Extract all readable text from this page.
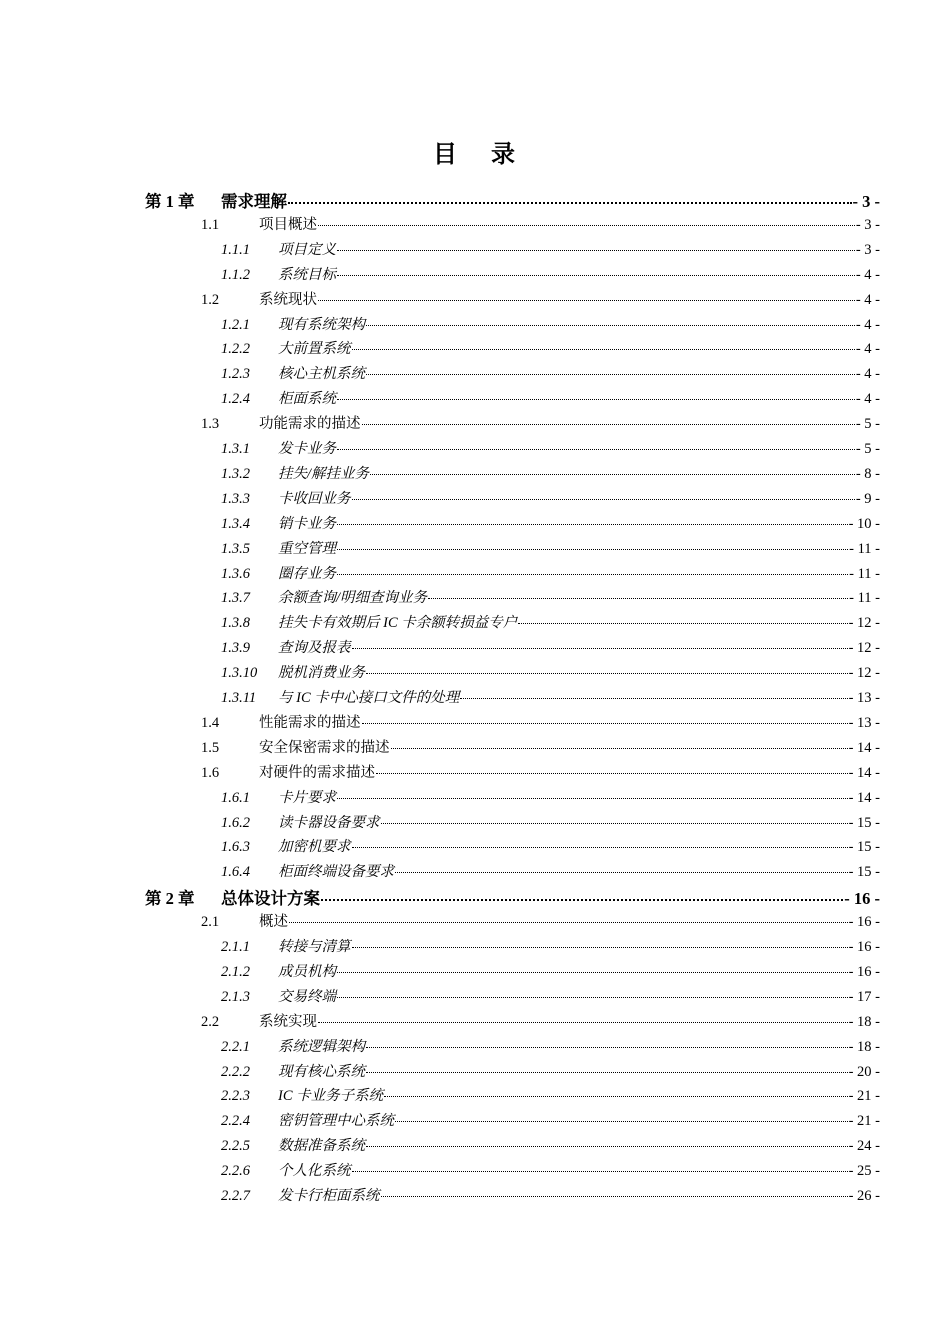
目 录
第 1 章	需求理解	- 3 -
1.1	项目概述	- 3 -
1.1.1	项目定义	- 3 -
1.1.2	系统目标	- 4 -
1.2	系统现状	- 4 -
1.2.1	现有系统架构	- 4 -
1.2.2	大前置系统	- 4 -
1.2.3	核心主机系统	- 4 -
1.2.4	柜面系统	- 4 -
1.3	功能需求的描述	- 5 -
1.3.1	发卡业务	- 5 -
1.3.2	挂失/解挂业务	- 8 -
1.3.3	卡收回业务	- 9 -
1.3.4	销卡业务	- 10 -
1.3.5	重空管理	- 11 -
1.3.6	圈存业务	- 11 -
1.3.7	余额查询/明细查询业务	- 11 -
1.3.8	挂失卡有效期后 IC 卡余额转损益专户	- 12 -
1.3.9	查询及报表	- 12 -
1.3.10	脱机消费业务	- 12 -
1.3.11	与 IC 卡中心接口文件的处理	- 13 -
1.4	性能需求的描述	- 13 -
1.5	安全保密需求的描述	- 14 -
1.6	对硬件的需求描述	- 14 -
1.6.1	卡片要求	- 14 -
1.6.2	读卡器设备要求	- 15 -
1.6.3	加密机要求	- 15 -
1.6.4	柜面终端设备要求	- 15 -
第 2 章	总体设计方案	- 16 -
2.1	概述	- 16 -
2.1.1	转接与清算	- 16 -
2.1.2	成员机构	- 16 -
2.1.3	交易终端	- 17 -
2.2	系统实现	- 18 -
2.2.1	系统逻辑架构	- 18 -
2.2.2	现有核心系统	- 20 -
2.2.3	IC 卡业务子系统	- 21 -
2.2.4	密钥管理中心系统	- 21 -
2.2.5	数据准备系统	- 24 -
2.2.6	个人化系统	- 25 -
2.2.7	发卡行柜面系统	- 26 -
